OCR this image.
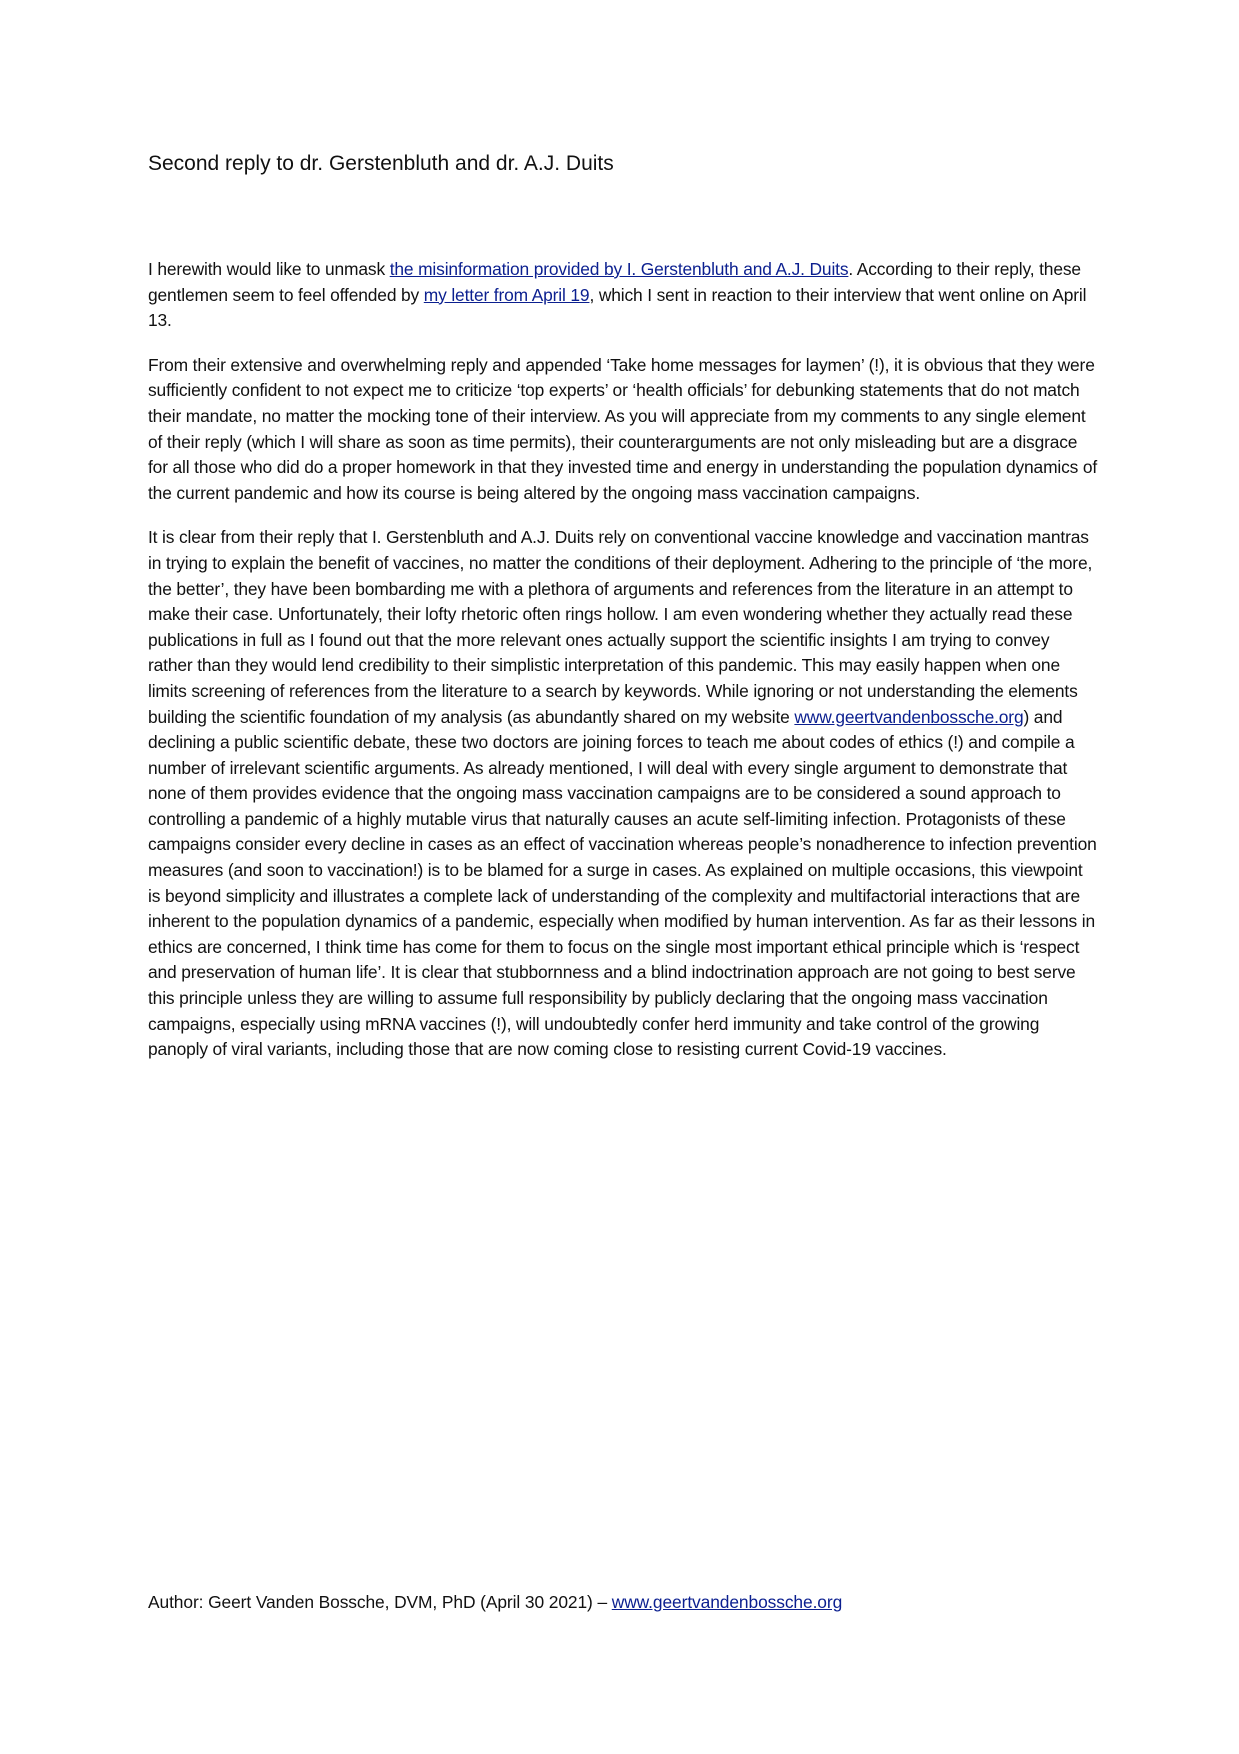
Second reply to dr. Gerstenbluth and dr. A.J. Duits

I herewith would like to unmask the misinformation provided by I. Gerstenbluth and A.J. Duits. According to their reply, these gentlemen seem to feel offended by my letter from April 19, which I sent in reaction to their interview that went online on April 13.

From their extensive and overwhelming reply and appended ‘Take home messages for laymen’ (!), it is obvious that they were sufficiently confident to not expect me to criticize ‘top experts’ or ‘health officials’ for debunking statements that do not match their mandate, no matter the mocking tone of their interview. As you will appreciate from my comments to any single element of their reply (which I will share as soon as time permits), their counterarguments are not only misleading but are a disgrace for all those who did do a proper homework in that they invested time and energy in understanding the population dynamics of the current pandemic and how its course is being altered by the ongoing mass vaccination campaigns.

It is clear from their reply that I. Gerstenbluth and A.J. Duits rely on conventional vaccine knowledge and vaccination mantras in trying to explain the benefit of vaccines, no matter the conditions of their deployment. Adhering to the principle of ‘the more, the better’, they have been bombarding me with a plethora of arguments and references from the literature in an attempt to make their case. Unfortunately, their lofty rhetoric often rings hollow. I am even wondering whether they actually read these publications in full as I found out that the more relevant ones actually support the scientific insights I am trying to convey rather than they would lend credibility to their simplistic interpretation of this pandemic. This may easily happen when one limits screening of references from the literature to a search by keywords. While ignoring or not understanding the elements building the scientific foundation of my analysis (as abundantly shared on my website www.geertvandenbossche.org) and declining a public scientific debate, these two doctors are joining forces to teach me about codes of ethics (!) and compile a number of irrelevant scientific arguments. As already mentioned, I will deal with every single argument to demonstrate that none of them provides evidence that the ongoing mass vaccination campaigns are to be considered a sound approach to controlling a pandemic of a highly mutable virus that naturally causes an acute self-limiting infection. Protagonists of these campaigns consider every decline in cases as an effect of vaccination whereas people’s nonadherence to infection prevention measures (and soon to vaccination!) is to be blamed for a surge in cases. As explained on multiple occasions, this viewpoint is beyond simplicity and illustrates a complete lack of understanding of the complexity and multifactorial interactions that are inherent to the population dynamics of a pandemic, especially when modified by human intervention. As far as their lessons in ethics are concerned, I think time has come for them to focus on the single most important ethical principle which is ‘respect and preservation of human life’. It is clear that stubbornness and a blind indoctrination approach are not going to best serve this principle unless they are willing to assume full responsibility by publicly declaring that the ongoing mass vaccination campaigns, especially using mRNA vaccines (!), will undoubtedly confer herd immunity and take control of the growing panoply of viral variants, including those that are now coming close to resisting current Covid-19 vaccines.

Author: Geert Vanden Bossche, DVM, PhD (April 30 2021) – www.geertvandenbossche.org
